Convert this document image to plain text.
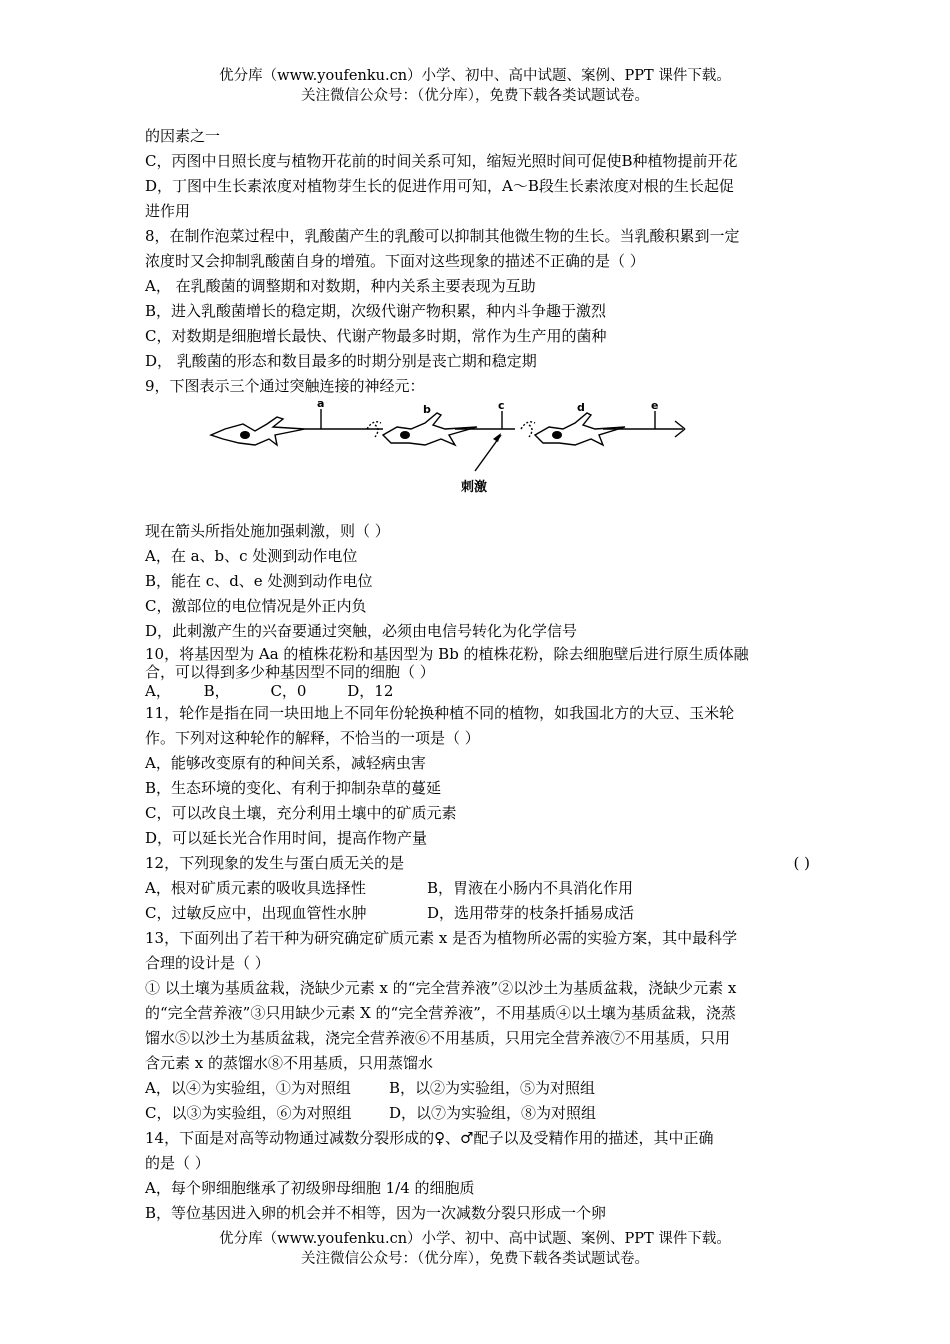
优分库（www.youfenku.cn）小学、初中、高中试题、案例、PPT 课件下载。
关注微信公众号：（优分库），免费下载各类试题试卷。
的因素之一
C，丙图中日照长度与植物开花前的时间关系可知，缩短光照时间可促使B种植物提前开花
D，丁图中生长素浓度对植物芽生长的促进作用可知，A～B段生长素浓度对根的生长起促
进作用
8，在制作泡菜过程中，乳酸菌产生的乳酸可以抑制其他微生物的生长。当乳酸积累到一定
浓度时又会抑制乳酸菌自身的增殖。下面对这些现象的描述不正确的是（ ）
A， 在乳酸菌的调整期和对数期，种内关系主要表现为互助
B，进入乳酸菌增长的稳定期，次级代谢产物积累，种内斗争趣于激烈
C，对数期是细胞增长最快、代谢产物最多时期，常作为生产用的菌种
D， 乳酸菌的形态和数目最多的时期分别是丧亡期和稳定期
9，下图表示三个通过突触连接的神经元：
a	b	c	d	e
刺激
现在箭头所指处施加强刺激，则（ ）
A，在 a、b、c 处测到动作电位
B，能在 c、d、e 处测到动作电位
C，激部位的电位情况是外正内负
D，此刺激产生的兴奋要通过突触，必须由电信号转化为化学信号
10，将基因型为 Aa 的植株花粉和基因型为 Bb 的植株花粉，除去细胞壁后进行原生质体融
合，可以得到多少种基因型不同的细胞（ ）
A， B，	C，0	D，12
11，轮作是指在同一块田地上不同年份轮换种植不同的植物，如我国北方的大豆、玉米轮
作。下列对这种轮作的解释，不恰当的一项是（ ）
A，能够改变原有的种间关系，减轻病虫害
B，生态环境的变化、有利于抑制杂草的蔓延
C，可以改良土壤，充分利用土壤中的矿质元素
D，可以延长光合作用时间，提高作物产量
12，下列现象的发生与蛋白质无关的是	( )
A，根对矿质元素的吸收具选择性	B，胃液在小肠内不具消化作用
C，过敏反应中，出现血管性水肿	D，选用带芽的枝条扦插易成活
13，下面列出了若干种为研究确定矿质元素 x 是否为植物所必需的实验方案，其中最科学
合理的设计是（ ）
① 以土壤为基质盆栽，浇缺少元素 x 的“完全营养液”②以沙土为基质盆栽，浇缺少元素 x
的“完全营养液”③只用缺少元素 X 的“完全营养液”，不用基质④以土壤为基质盆栽，浇蒸
馏水⑤以沙土为基质盆栽，浇完全营养液⑥不用基质，只用完全营养液⑦不用基质，只用
含元素 x 的蒸馏水⑧不用基质，只用蒸馏水
A，以④为实验组，①为对照组	B，以②为实验组，⑤为对照组
C，以③为实验组，⑥为对照组	D，以⑦为实验组，⑧为对照组
14，下面是对高等动物通过减数分裂形成的♀、♂配子以及受精作用的描述，其中正确
的是（ ）
A，每个卵细胞继承了初级卵母细胞 1/4 的细胞质
B，等位基因进入卵的机会并不相等，因为一次减数分裂只形成一个卵
优分库（www.youfenku.cn）小学、初中、高中试题、案例、PPT 课件下载。
关注微信公众号：（优分库），免费下载各类试题试卷。
